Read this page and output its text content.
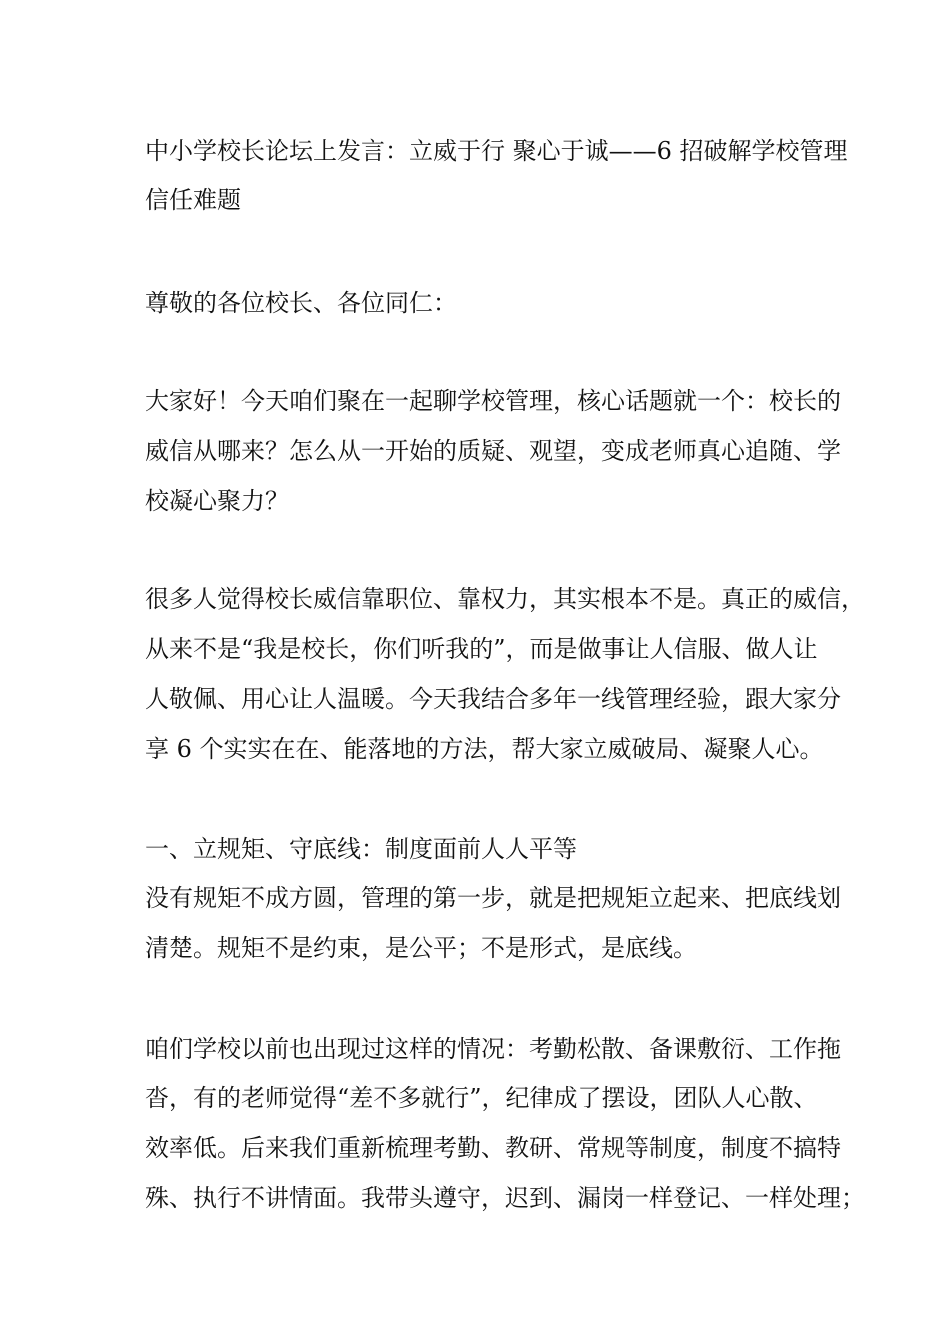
中小学校长论坛上发言：立威于行 聚心于诚——6 招破解学校管理
信任难题
尊敬的各位校长、各位同仁：
大家好！今天咱们聚在一起聊学校管理，核心话题就一个：校长的
威信从哪来？怎么从一开始的质疑、观望，变成老师真心追随、学
校凝心聚力？
很多人觉得校长威信靠职位、靠权力，其实根本不是。真正的威信，
从来不是“我是校长，你们听我的”，而是做事让人信服、做人让
人敬佩、用心让人温暖。今天我结合多年一线管理经验，跟大家分
享 6 个实实在在、能落地的方法，帮大家立威破局、凝聚人心。
一、立规矩、守底线：制度面前人人平等
没有规矩不成方圆，管理的第一步，就是把规矩立起来、把底线划
清楚。规矩不是约束，是公平；不是形式，是底线。
咱们学校以前也出现过这样的情况：考勤松散、备课敷衍、工作拖
沓，有的老师觉得“差不多就行”，纪律成了摆设，团队人心散、
效率低。后来我们重新梳理考勤、教研、常规等制度，制度不搞特
殊、执行不讲情面。我带头遵守，迟到、漏岗一样登记、一样处理；
